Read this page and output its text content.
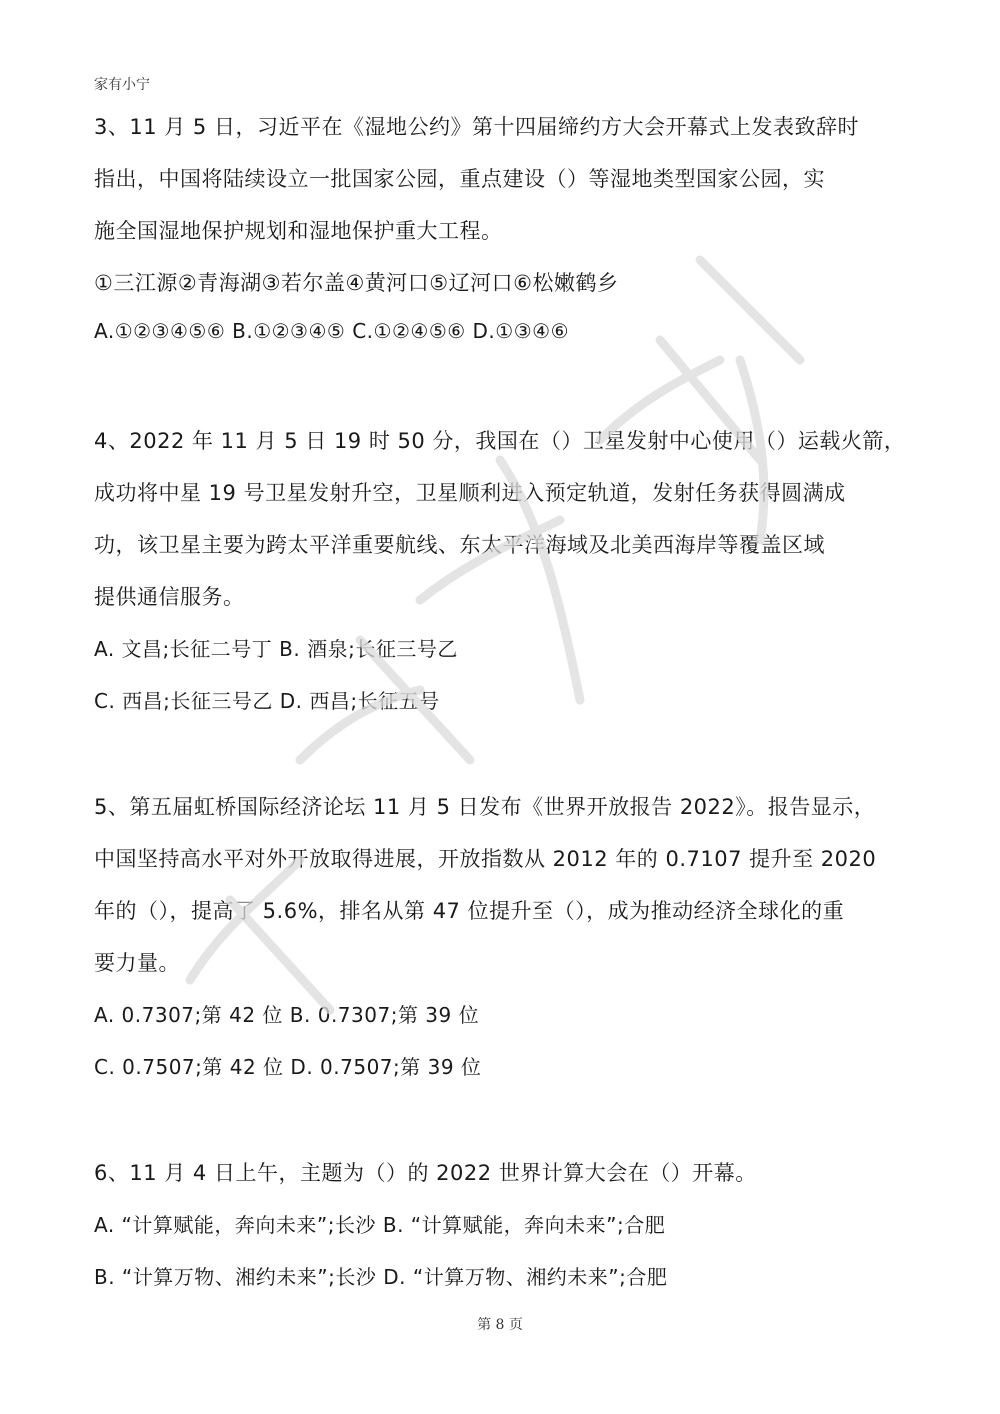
家有小宁
3、11 月 5 日，习近平在《湿地公约》第十四届缔约方大会开幕式上发表致辞时
指出，中国将陆续设立一批国家公园，重点建设（）等湿地类型国家公园，实
施全国湿地保护规划和湿地保护重大工程。
①三江源②青海湖③若尔盖④黄河口⑤辽河口⑥松嫩鹤乡
A.①②③④⑤⑥ B.①②③④⑤ C.①②④⑤⑥ D.①③④⑥
4、2022 年 11 月 5 日 19 时 50 分，我国在（）卫星发射中心使用（）运载火箭，
成功将中星 19 号卫星发射升空，卫星顺利进入预定轨道，发射任务获得圆满成
功，该卫星主要为跨太平洋重要航线、东太平洋海域及北美西海岸等覆盖区域
提供通信服务。
A. 文昌;长征二号丁 B. 酒泉;长征三号乙
C. 西昌;长征三号乙 D. 西昌;长征五号
5、第五届虹桥国际经济论坛 11 月 5 日发布《世界开放报告 2022》。报告显示，
中国坚持高水平对外开放取得进展，开放指数从 2012 年的 0.7107 提升至 2020
年的（），提高了 5.6%，排名从第 47 位提升至（），成为推动经济全球化的重
要力量。
A. 0.7307;第 42 位 B. 0.7307;第 39 位
C. 0.7507;第 42 位 D. 0.7507;第 39 位
6、11 月 4 日上午，主题为（）的 2022 世界计算大会在（）开幕。
A. “计算赋能，奔向未来”;长沙 B. “计算赋能，奔向未来”;合肥
B. “计算万物、湘约未来”;长沙 D. “计算万物、湘约未来”;合肥
第 8 页
